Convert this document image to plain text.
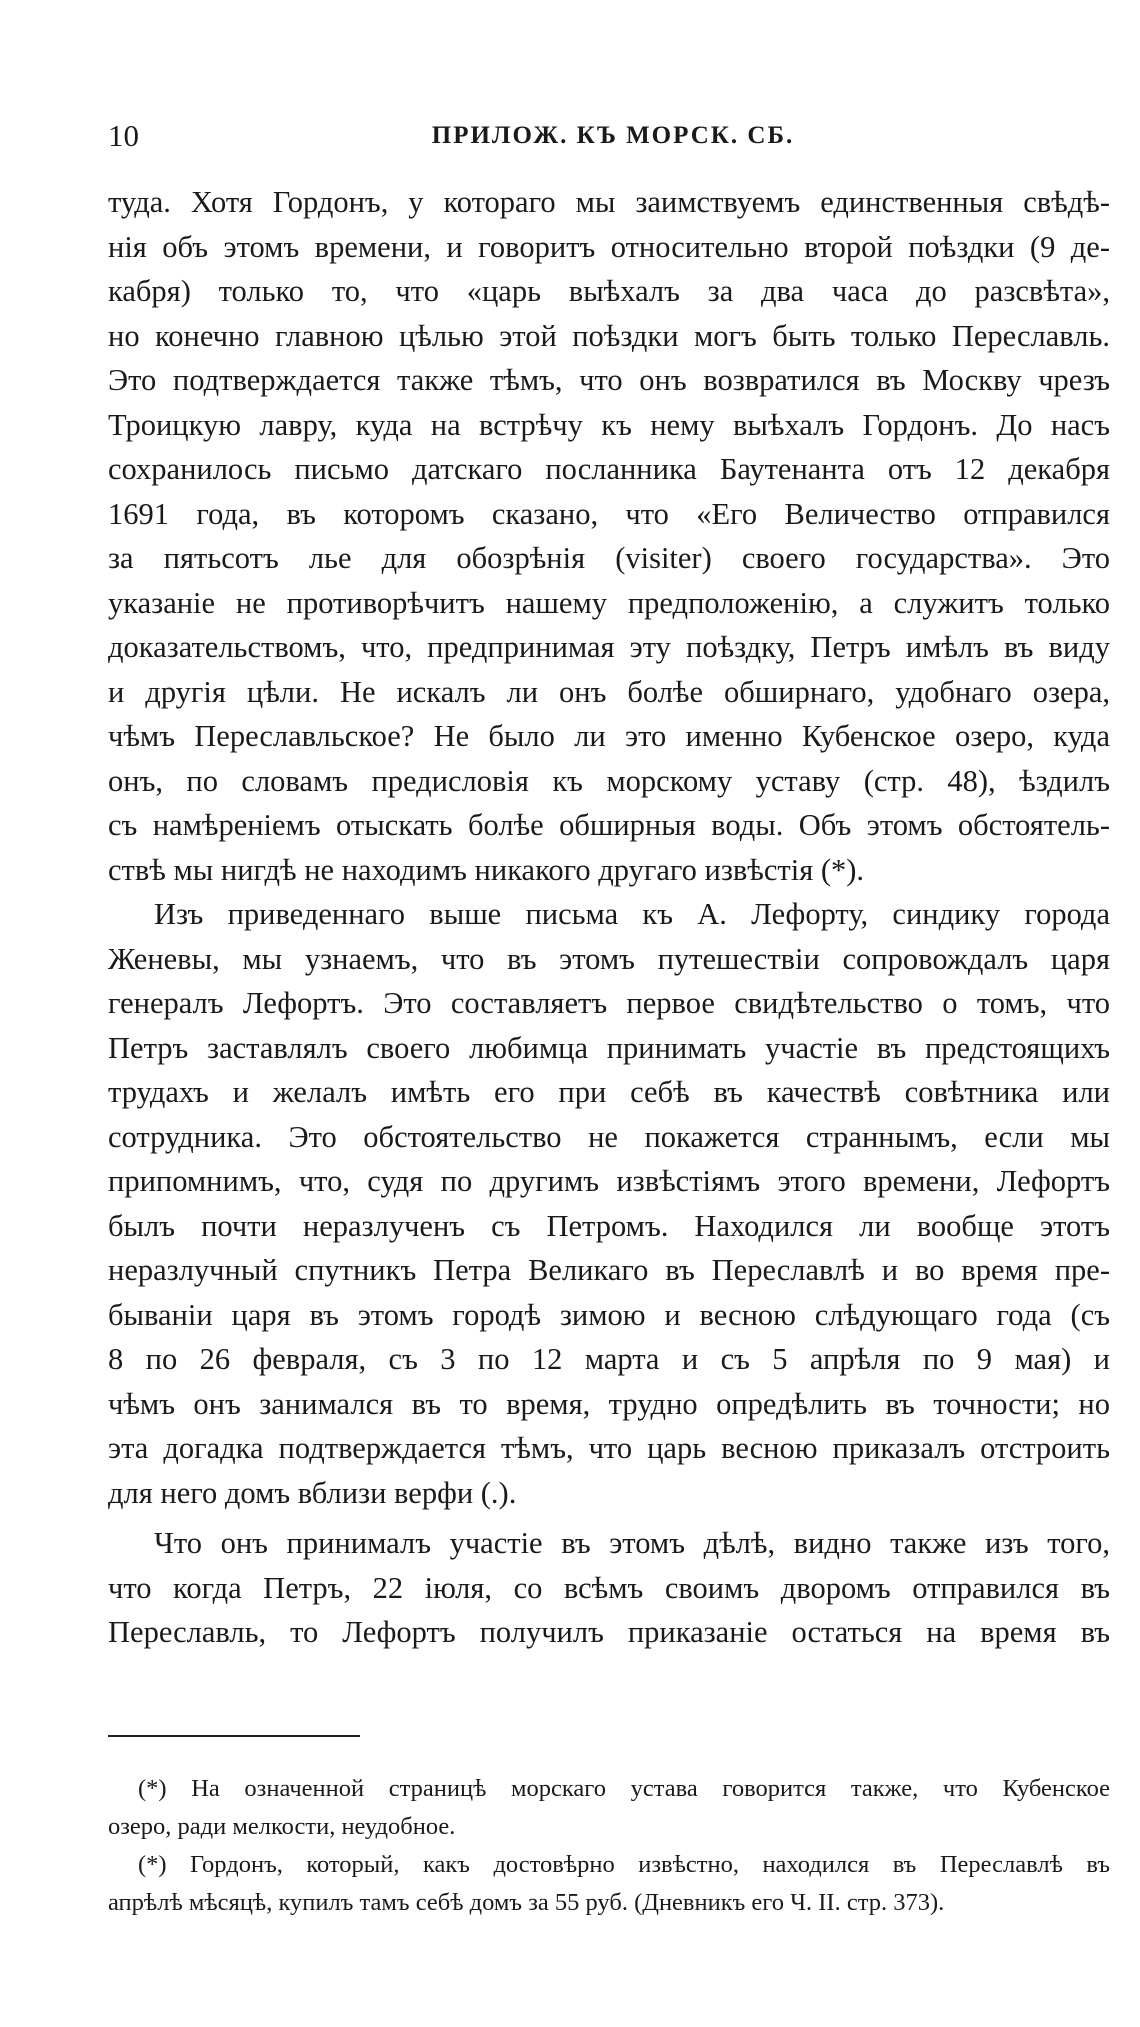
10	ПРИЛОЖ. КЪ МОРСК. СБ.
туда. Хотя Гордонъ, у котораго мы заимствуемъ единственныя свѣдѣ-
нія объ этомъ времени, и говоритъ относительно второй поѣздки (9 де-
кабря) только то, что «царь выѣхалъ за два часа до разсвѣта»,
но конечно главною цѣлью этой поѣздки могъ быть только Переславль.
Это подтверждается также тѣмъ, что онъ возвратился въ Москву чрезъ
Троицкую лавру, куда на встрѣчу къ нему выѣхалъ Гордонъ. До насъ
сохранилось письмо датскаго посланника Баутенанта отъ 12 декабря
1691 года, въ которомъ сказано, что «Его Величество отправился
за пятьсотъ лье для обозрѣнія (visiter) своего государства». Это
указаніе не противорѣчитъ нашему предположенію, а служитъ только
доказательствомъ, что, предпринимая эту поѣздку, Петръ имѣлъ въ виду
и другія цѣли. Не искалъ ли онъ болѣе обширнаго, удобнаго озера,
чѣмъ Переславльское? Не было ли это именно Кубенское озеро, куда
онъ, по словамъ предисловія къ морскому уставу (стр. 48), ѣздилъ
съ намѣреніемъ отыскать болѣе обширныя воды. Объ этомъ обстоятель-
ствѣ мы нигдѣ не находимъ никакого другаго извѣстія (*).
Изъ приведеннаго выше письма къ А. Лефорту, синдику города
Женевы, мы узнаемъ, что въ этомъ путешествіи сопровождалъ царя
генералъ Лефортъ. Это составляетъ первое свидѣтельство о томъ, что
Петръ заставлялъ своего любимца принимать участіе въ предстоящихъ
трудахъ и желалъ имѣть его при себѣ въ качествѣ совѣтника или
сотрудника. Это обстоятельство не покажется страннымъ, если мы
припомнимъ, что, судя по другимъ извѣстіямъ этого времени, Лефортъ
былъ почти неразлученъ съ Петромъ. Находился ли вообще этотъ
неразлучный спутникъ Петра Великаго въ Переславлѣ и во время пре-
бываніи царя въ этомъ городѣ зимою и весною слѣдующаго года (съ
8 по 26 февраля, съ 3 по 12 марта и съ 5 апрѣля по 9 мая) и
чѣмъ онъ занимался въ то время, трудно опредѣлить въ точности; но
эта догадка подтверждается тѣмъ, что царь весною приказалъ отстроить
для него домъ вблизи верфи (.).
Что онъ принималъ участіе въ этомъ дѣлѣ, видно также изъ того,
что когда Петръ, 22 іюля, со всѣмъ своимъ дворомъ отправился въ
Переславль, то Лефортъ получилъ приказаніе остаться на время въ
(*) На означенной страницѣ морскаго устава говорится также, что Кубенское
озеро, ради мелкости, неудобное.
(*) Гордонъ, который, какъ достовѣрно извѣстно, находился въ Переславлѣ въ
апрѣлѣ мѣсяцѣ, купилъ тамъ себѣ домъ за 55 руб. (Дневникъ его Ч. II. стр. 373).
